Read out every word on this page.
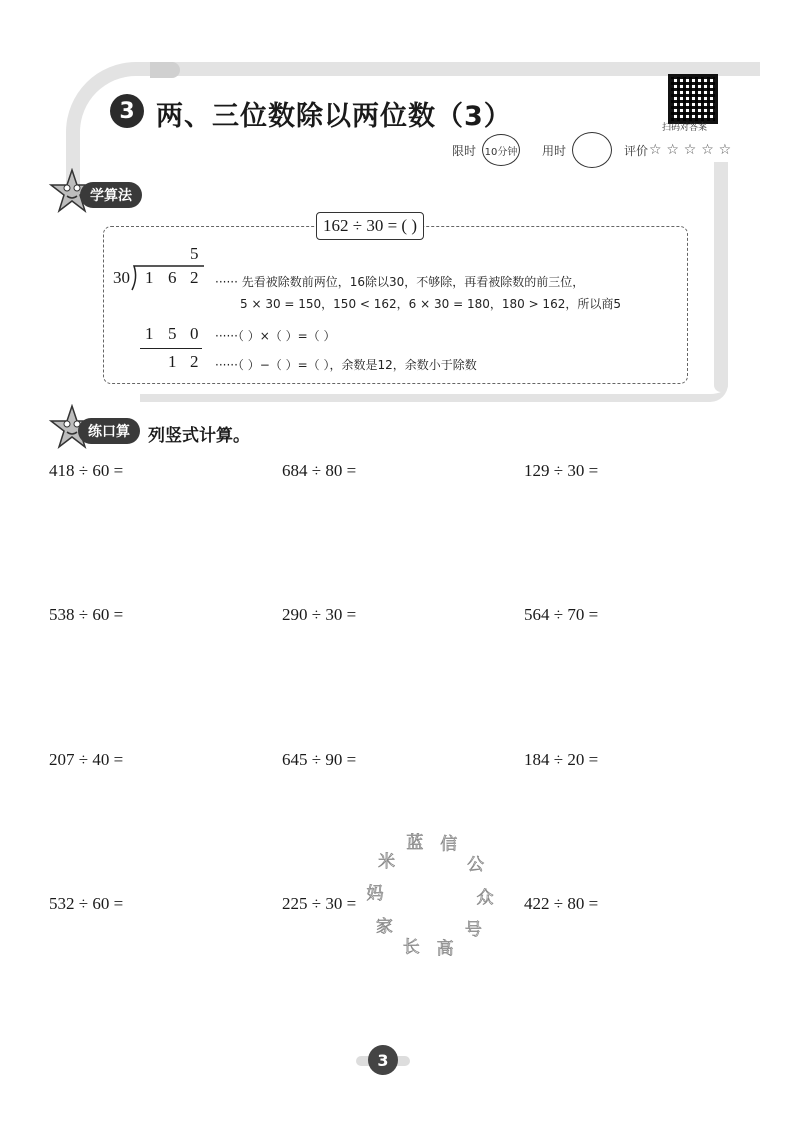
3 两、三位数除以两位数（3）	扫码对答案
限时 10分钟 用时	评价 ☆ ☆ ☆ ☆ ☆
学算法
162 ÷ 30 = ( )
5
30 1 6 2
1 5 0
1 2
······ 先看被除数前两位，16除以30，不够除，再看被除数的前三位，
5 × 30 = 150，150 < 162，6 × 30 = 180，180 > 162，所以商5
······（ ）×（ ）=（ ）
······（ ）−（ ）=（ ），余数是12，余数小于除数
练口算	列竖式计算。
418 ÷ 60 =	684 ÷ 80 =	129 ÷ 30 =
538 ÷ 60 =	290 ÷ 30 =	564 ÷ 70 =
207 ÷ 40 =	645 ÷ 90 =	184 ÷ 20 =
532 ÷ 60 =	225 ÷ 30 =	422 ÷ 80 =
信
公
众
号
高
长
家
妈
米
蓝
3
